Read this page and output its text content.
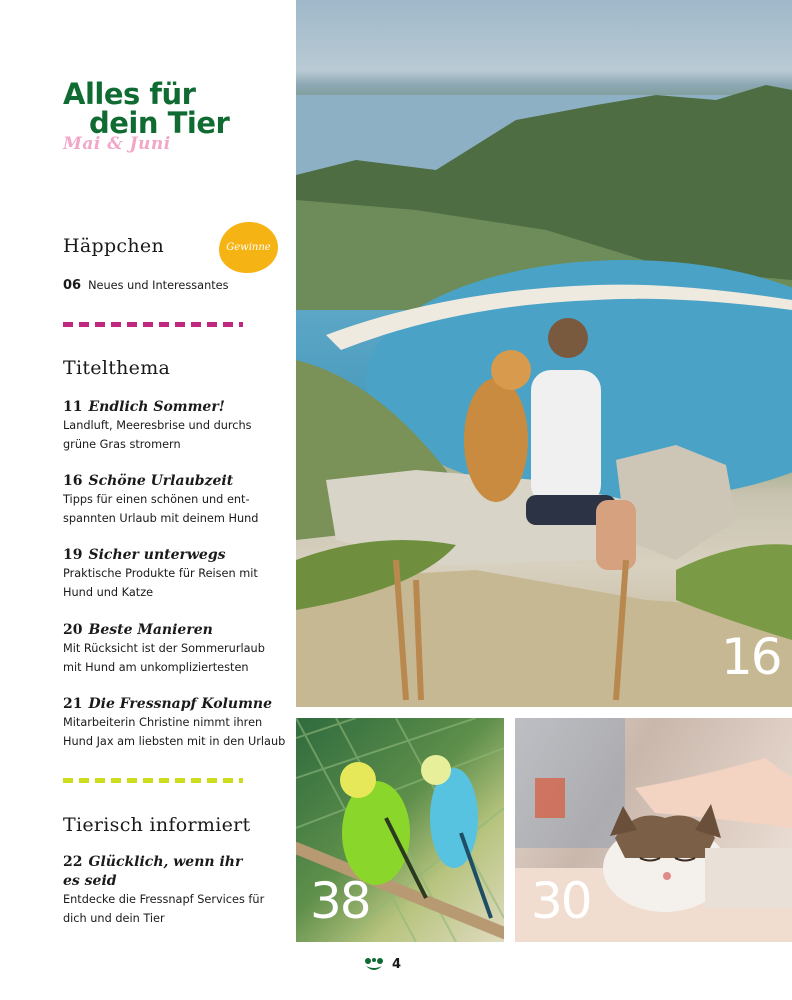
Alles für
dein Tier
Mai & Juni
Häppchen	Gewinne
06 Neues und Interessantes
Titelthema
11 Endlich Sommer!
Landluft, Meeresbrise und durchs
grüne Gras stromern
16 Schöne Urlaubzeit
Tipps für einen schönen und ent-
spannten Urlaub mit deinem Hund
19 Sicher unterwegs
Praktische Produkte für Reisen mit
Hund und Katze
20 Beste Manieren
Mit Rücksicht ist der Sommerurlaub
mit Hund am unkompliziertesten
21 Die Fressnapf Kolumne
Mitarbeiterin Christine nimmt ihren
Hund Jax am liebsten mit in den Urlaub
Tierisch informiert
22 Glücklich, wenn ihr
es seid
Entdecke die Fressnapf Services für
dich und dein Tier
16
38	30
4
